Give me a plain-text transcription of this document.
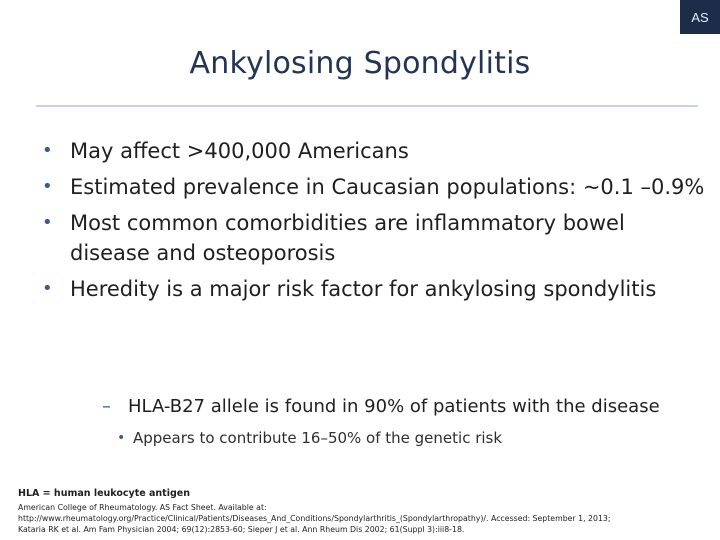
AS
Ankylosing Spondylitis
• May affect >400,000 Americans
• Estimated prevalence in Caucasian populations: ~0.1 –0.9%
• Most common comorbidities are inflammatory bowel disease and osteoporosis
• Heredity is a major risk factor for ankylosing spondylitis
– HLA-B27 allele is found in 90% of patients with the disease
• Appears to contribute 16–50% of the genetic risk
HLA = human leukocyte antigen
American College of Rheumatology. AS Fact Sheet. Available at:
http://www.rheumatology.org/Practice/Clinical/Patients/Diseases_And_Conditions/Spondylarthritis_(Spondylarthropathy)/. Accessed: September 1, 2013;
Kataria RK et al. Am Fam Physician 2004; 69(12):2853-60; Sieper J et al. Ann Rheum Dis 2002; 61(Suppl 3):iii8-18.
